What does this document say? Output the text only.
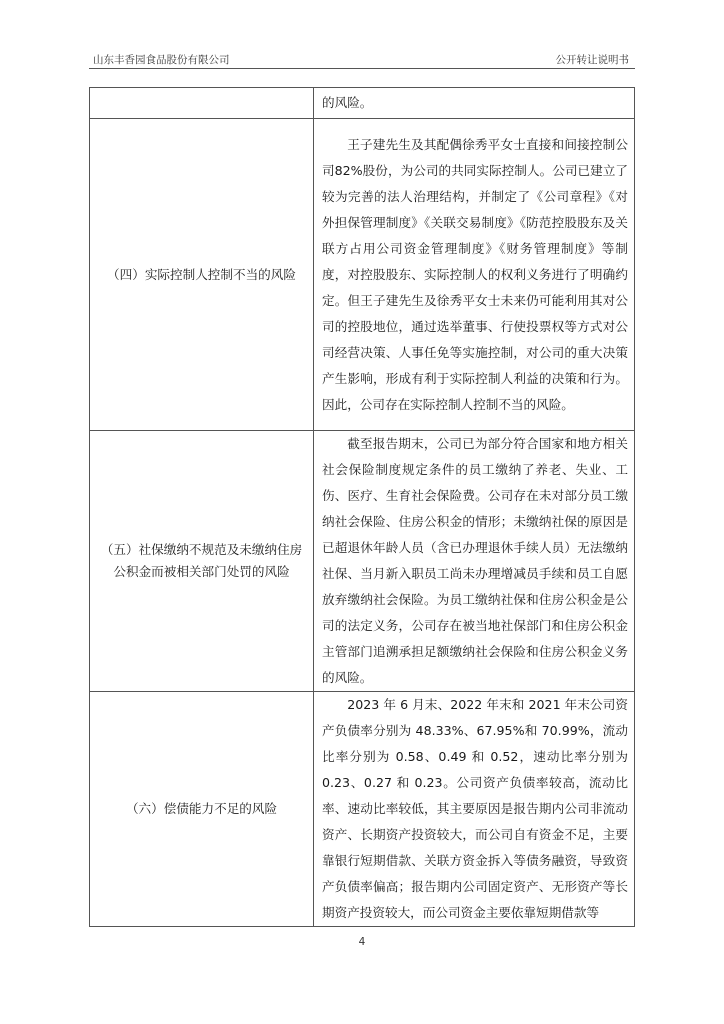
山东丰香园食品股份有限公司	公开转让说明书

	的风险。

（四）实际控制人控制不当的风险	王子建先生及其配偶徐秀平女士直接和间接控制公司82%股份，为公司的共同实际控制人。公司已建立了较为完善的法人治理结构，并制定了《公司章程》《对外担保管理制度》《关联交易制度》《防范控股股东及关联方占用公司资金管理制度》《财务管理制度》等制度，对控股股东、实际控制人的权利义务进行了明确约定。但王子建先生及徐秀平女士未来仍可能利用其对公司的控股地位，通过选举董事、行使投票权等方式对公司经营决策、人事任免等实施控制，对公司的重大决策产生影响，形成有利于实际控制人利益的决策和行为。因此，公司存在实际控制人控制不当的风险。

（五）社保缴纳不规范及未缴纳住房公积金而被相关部门处罚的风险	截至报告期末，公司已为部分符合国家和地方相关社会保险制度规定条件的员工缴纳了养老、失业、工伤、医疗、生育社会保险费。公司存在未对部分员工缴纳社会保险、住房公积金的情形；未缴纳社保的原因是已超退休年龄人员（含已办理退休手续人员）无法缴纳社保、当月新入职员工尚未办理增减员手续和员工自愿放弃缴纳社会保险。为员工缴纳社保和住房公积金是公司的法定义务，公司存在被当地社保部门和住房公积金主管部门追溯承担足额缴纳社会保险和住房公积金义务的风险。

（六）偿债能力不足的风险	2023 年 6 月末、2022 年末和 2021 年末公司资产负债率分别为 48.33%、67.95%和 70.99%，流动比率分别为 0.58、0.49 和 0.52，速动比率分别为 0.23、0.27 和 0.23。公司资产负债率较高，流动比率、速动比率较低，其主要原因是报告期内公司非流动资产、长期资产投资较大，而公司自有资金不足，主要靠银行短期借款、关联方资金拆入等债务融资，导致资产负债率偏高；报告期内公司固定资产、无形资产等长期资产投资较大，而公司资金主要依靠短期借款等

4
